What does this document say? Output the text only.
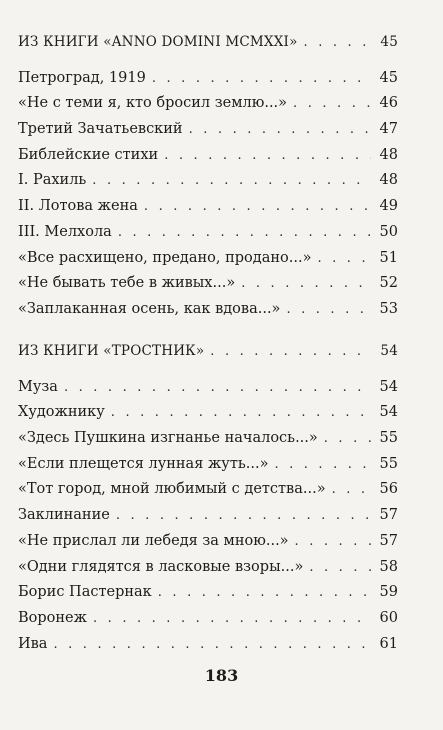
ИЗ КНИГИ «ANNO DOMINI MCMXXI» . . .	45
Петроград, 1919 . . .	45
«Не с теми я, кто бросил землю...» . . .	46
Третий Зачатьевский . . .	47
Библейские стихи . . .	48
I. Рахиль . . .	48
II. Лотова жена . . .	49
III. Мелхола . . .	50
«Все расхищено, предано, продано...» . . .	51
«Не бывать тебе в живых...» . . .	52
«Заплаканная осень, как вдова...» . . .	53
ИЗ КНИГИ «ТРОСТНИК» . . .	54
Муза . . .	54
Художнику . . .	54
«Здесь Пушкина изгнанье началось...» . . .	55
«Если плещется лунная жуть...» . . .	55
«Тот город, мной любимый с детства...» . . .	56
Заклинание . . .	57
«Не прислал ли лебедя за мною...» . . .	57
«Одни глядятся в ласковые взоры...» . . .	58
Борис Пастернак . . .	59
Воронеж . . .	60
Ива . . .	61
183
